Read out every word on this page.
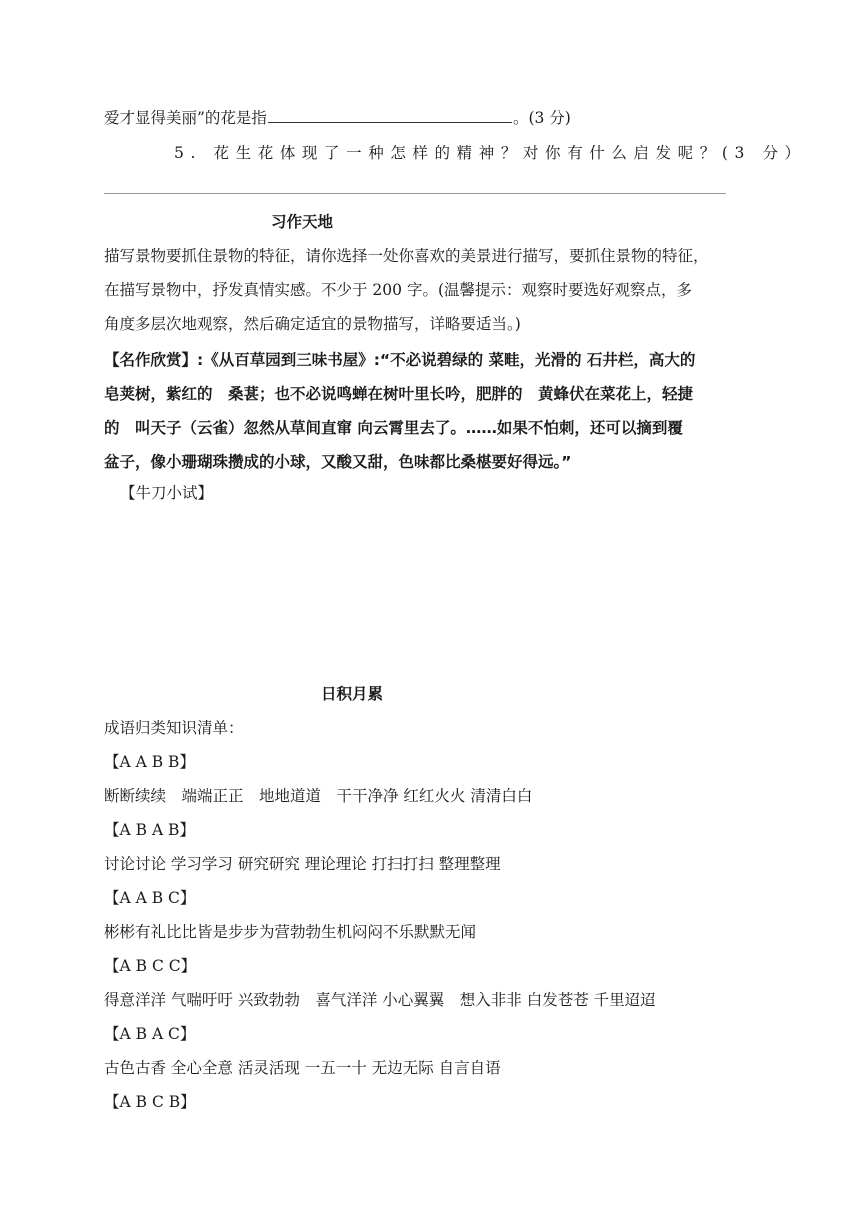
爱才显得美丽”的花是指	。(3 分)
5. 花生花体现了一种怎样的精神？对你有什么启发呢？(3 分）
习作天地
描写景物要抓住景物的特征，请你选择一处你喜欢的美景进行描写，要抓住景物的特征，
在描写景物中，抒发真情实感。不少于 200 字。(温馨提示：观察时要选好观察点，多
角度多层次地观察，然后确定适宜的景物描写，详略要适当。)
【名作欣赏】:《从百草园到三味书屋》:“不必说碧绿的 菜畦，光滑的 石井栏，高大的
皂荚树，紫红的　桑葚；也不必说鸣蝉在树叶里长吟，肥胖的　黄蜂伏在菜花上，轻捷
的　叫天子（云雀）忽然从草间直窜 向云霄里去了。……如果不怕刺，还可以摘到覆
盆子，像小珊瑚珠攒成的小球，又酸又甜，色味都比桑椹要好得远。”
【牛刀小试】
日积月累
成语归类知识清单：
【A A B B】
断断续续　端端正正　地地道道　干干净净 红红火火 清清白白
【A B A B】
讨论讨论 学习学习 研究研究 理论理论 打扫打扫 整理整理
【A A B C】
彬彬有礼比比皆是步步为营勃勃生机闷闷不乐默默无闻
【A B C C】
得意洋洋 气喘吁吁 兴致勃勃　喜气洋洋 小心翼翼　想入非非 白发苍苍 千里迢迢
【A B A C】
古色古香 全心全意 活灵活现 一五一十 无边无际 自言自语
【A B C B】
